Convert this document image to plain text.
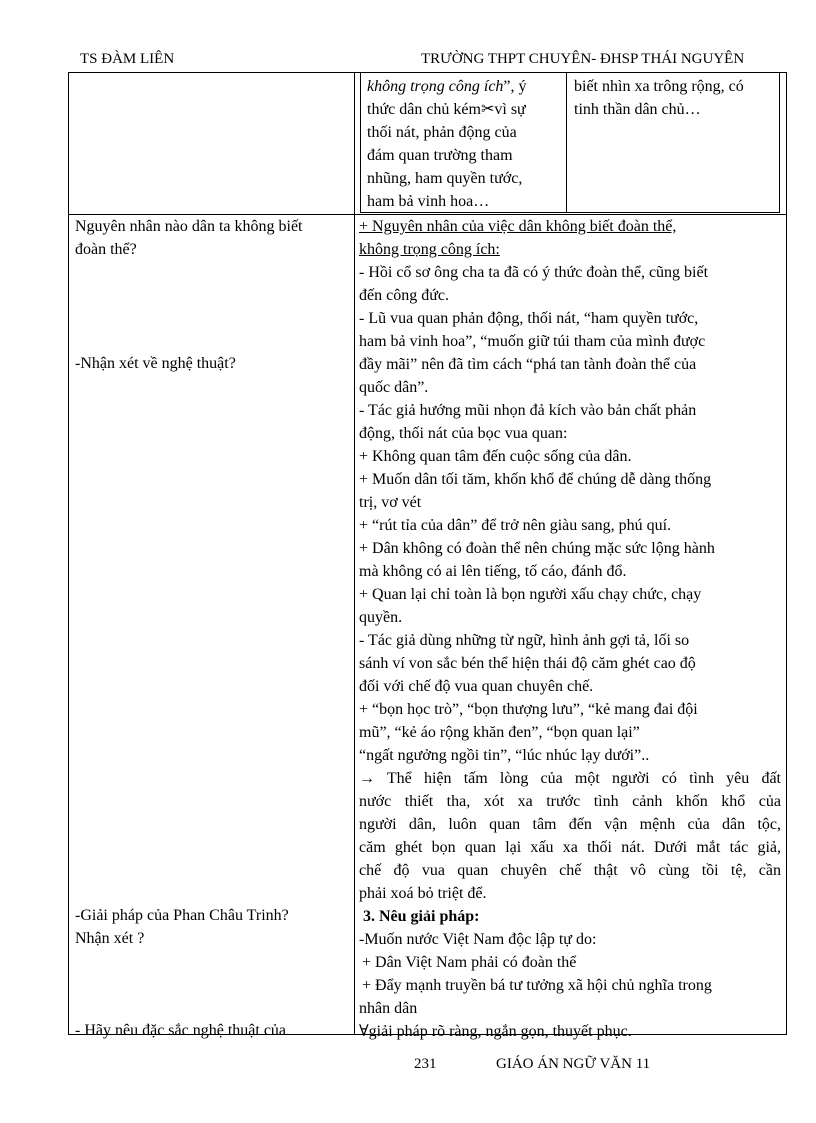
TS ĐÀM LIÊN	TRƯỜNG THPT CHUYÊN- ĐHSP THÁI NGUYÊN
không trọng công ích”, ý
thức dân chủ kém✂vì sự
thối nát, phản động của
đám quan trường tham
nhũng, ham quyền tước,
ham bả vinh hoa…
biết nhìn xa trông rộng, có
tinh thần dân chủ…
Nguyên nhân nào dân ta không biết
đoàn thể?
-Nhận xét về nghệ thuật?
-Giải pháp của Phan Châu Trinh?
Nhận xét ?
- Hãy nêu đặc sắc nghệ thuật của
+ Nguyên nhân của việc dân không biết đoàn thể,
không trọng công ích:
- Hồi cổ sơ ông cha ta đã có ý thức đoàn thể, cũng biết
đến công đức.
- Lũ vua quan phản động, thối nát, “ham quyền tước,
ham bả vinh hoa”, “muốn giữ túi tham của mình được
đầy mãi” nên đã tìm cách “phá tan tành đoàn thể của
quốc dân”.
- Tác giả hướng mũi nhọn đả kích vào bản chất phản
động, thối nát của bọc vua quan:
+ Không quan tâm đến cuộc sống của dân.
+ Muốn dân tối tăm, khốn khổ để chúng dễ dàng thống
trị, vơ vét
+ “rút tỉa của dân” để trở nên giàu sang, phú quí.
+ Dân không có đoàn thể nên chúng mặc sức lộng hành
mà không có ai lên tiếng, tố cáo, đánh đổ.
+ Quan lại chỉ toàn là bọn người xấu chạy chức, chạy
quyền.
- Tác giả dùng những từ ngữ, hình ảnh gợi tả, lối so
sánh ví von sắc bén thể hiện thái độ căm ghét cao độ
đối với chế độ vua quan chuyên chế.
+ “bọn học trò”, “bọn thượng lưu”, “kẻ mang đai đội
mũ”, “kẻ áo rộng khăn đen”, “bọn quan lại”
“ngất ngưởng ngồi tin”, “lúc nhúc lạy dưới”..
→ Thể hiện tấm lòng của một người có tình yêu đất
nước thiết tha, xót xa trước tình cảnh khốn khổ của
người dân, luôn quan tâm đến vận mệnh của dân tộc,
căm ghét bọn quan lại xấu xa thối nát. Dưới mắt tác giả,
chế độ vua quan chuyên chế thật vô cùng tồi tệ, cần
phải xoá bỏ triệt để.
3. Nêu giải pháp:
-Muốn nước Việt Nam độc lập tự do:
+ Dân Việt Nam phải có đoàn thể
+ Đẩy mạnh truyền bá tư tưởng xã hội chủ nghĩa trong
nhân dân
∀giải pháp rõ ràng, ngắn gọn, thuyết phục.
231	GIÁO ÁN NGỮ VĂN 11
